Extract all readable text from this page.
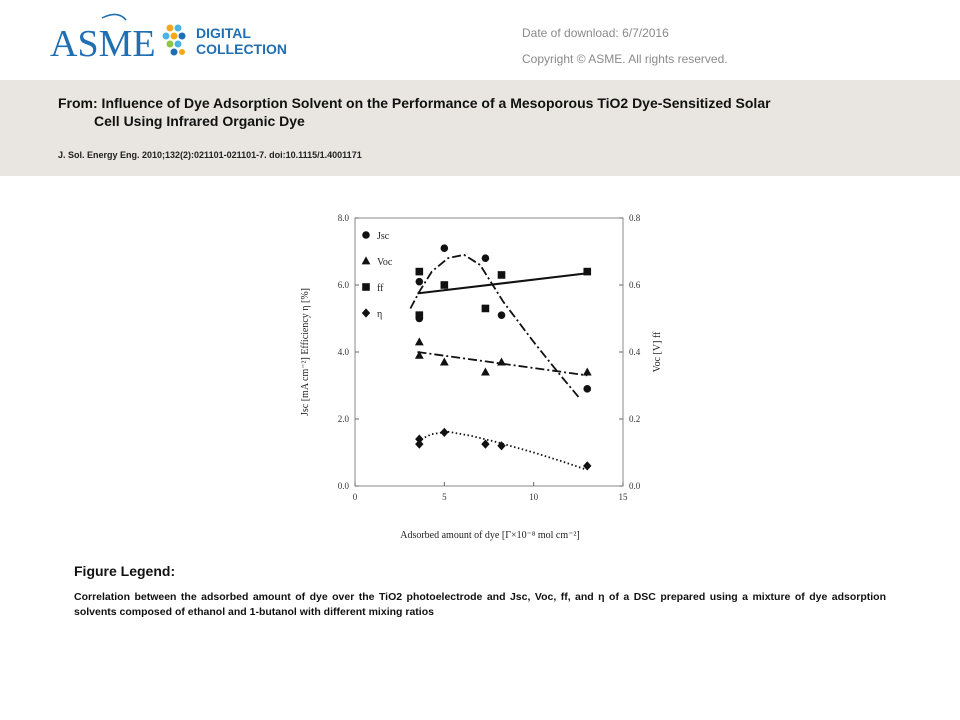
ASME	DIGITAL
COLLECTION
Date of download: 6/7/2016
Copyright © ASME. All rights reserved.
From: Influence of Dye Adsorption Solvent on the Performance of a Mesoporous TiO2 Dye-Sensitized Solar
Cell Using Infrared Organic Dye
J. Sol. Energy Eng. 2010;132(2):021101-021101-7. doi:10.1115/1.4001171
Jsc [mA cm⁻²] Efficiency η [%]	Voc [V] ff
Adsorbed amount of dye [Γ×10⁻⁸ mol cm⁻²]
0	5	10	15
0.0
2.0
4.0
6.0
8.0
0.0
0.2
0.4
0.6
0.8
Jsc
Voc
ff
η
Figure Legend:
Correlation between the adsorbed amount of dye over the TiO2 photoelectrode and Jsc, Voc, ff, and η of a DSC prepared using a mixture of dye adsorption solvents composed of ethanol and 1-butanol with different mixing ratios
